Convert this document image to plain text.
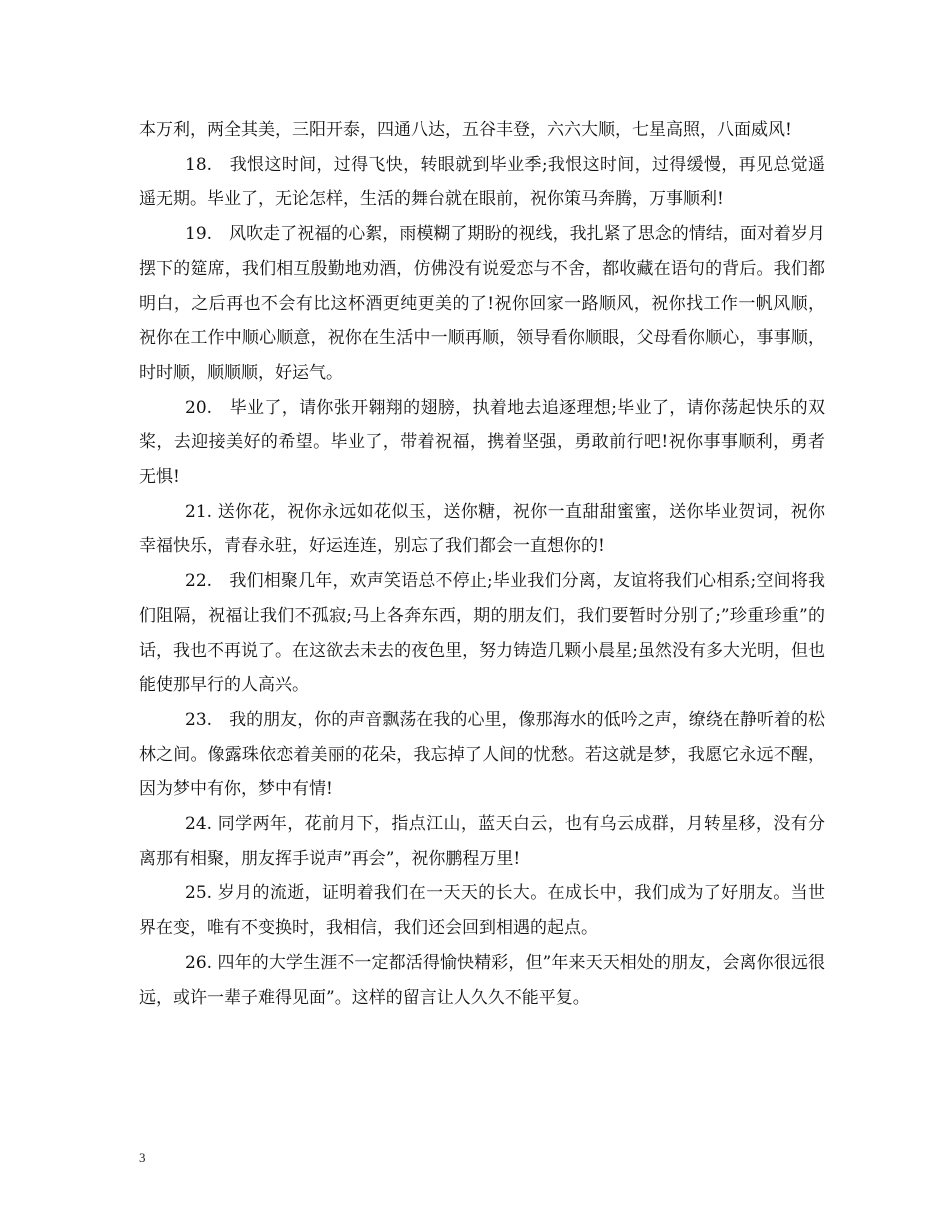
本万利，两全其美，三阳开泰，四通八达，五谷丰登，六六大顺，七星高照，八面威风!

18.　我恨这时间，过得飞快，转眼就到毕业季;我恨这时间，过得缓慢，再见总觉遥遥无期。毕业了，无论怎样，生活的舞台就在眼前，祝你策马奔腾，万事顺利!

19.　风吹走了祝福的心絮，雨模糊了期盼的视线，我扎紧了思念的情结，面对着岁月摆下的筵席，我们相互殷勤地劝酒，仿佛没有说爱恋与不舍，都收藏在语句的背后。我们都明白，之后再也不会有比这杯酒更纯更美的了!祝你回家一路顺风，祝你找工作一帆风顺，祝你在工作中顺心顺意，祝你在生活中一顺再顺，领导看你顺眼，父母看你顺心，事事顺，时时顺，顺顺顺，好运气。

20.　毕业了，请你张开翱翔的翅膀，执着地去追逐理想;毕业了，请你荡起快乐的双桨，去迎接美好的希望。毕业了，带着祝福，携着坚强，勇敢前行吧!祝你事事顺利，勇者无惧!

21. 送你花，祝你永远如花似玉，送你糖，祝你一直甜甜蜜蜜，送你毕业贺词，祝你幸福快乐，青春永驻，好运连连，别忘了我们都会一直想你的!

22.　我们相聚几年，欢声笑语总不停止;毕业我们分离，友谊将我们心相系;空间将我们阻隔，祝福让我们不孤寂;马上各奔东西，期的朋友们，我们要暂时分别了;”珍重珍重”的话，我也不再说了。在这欲去未去的夜色里，努力铸造几颗小晨星;虽然没有多大光明，但也能使那早行的人高兴。

23.　我的朋友，你的声音飘荡在我的心里，像那海水的低吟之声，缭绕在静听着的松林之间。像露珠依恋着美丽的花朵，我忘掉了人间的忧愁。若这就是梦，我愿它永远不醒，因为梦中有你，梦中有情!

24. 同学两年，花前月下，指点江山，蓝天白云，也有乌云成群，月转星移，没有分离那有相聚，朋友挥手说声”再会”，祝你鹏程万里!

25. 岁月的流逝，证明着我们在一天天的长大。在成长中，我们成为了好朋友。当世界在变，唯有不变换时，我相信，我们还会回到相遇的起点。

26. 四年的大学生涯不一定都活得愉快精彩，但”年来天天相处的朋友，会离你很远很远，或许一辈子难得见面”。这样的留言让人久久不能平复。

3
